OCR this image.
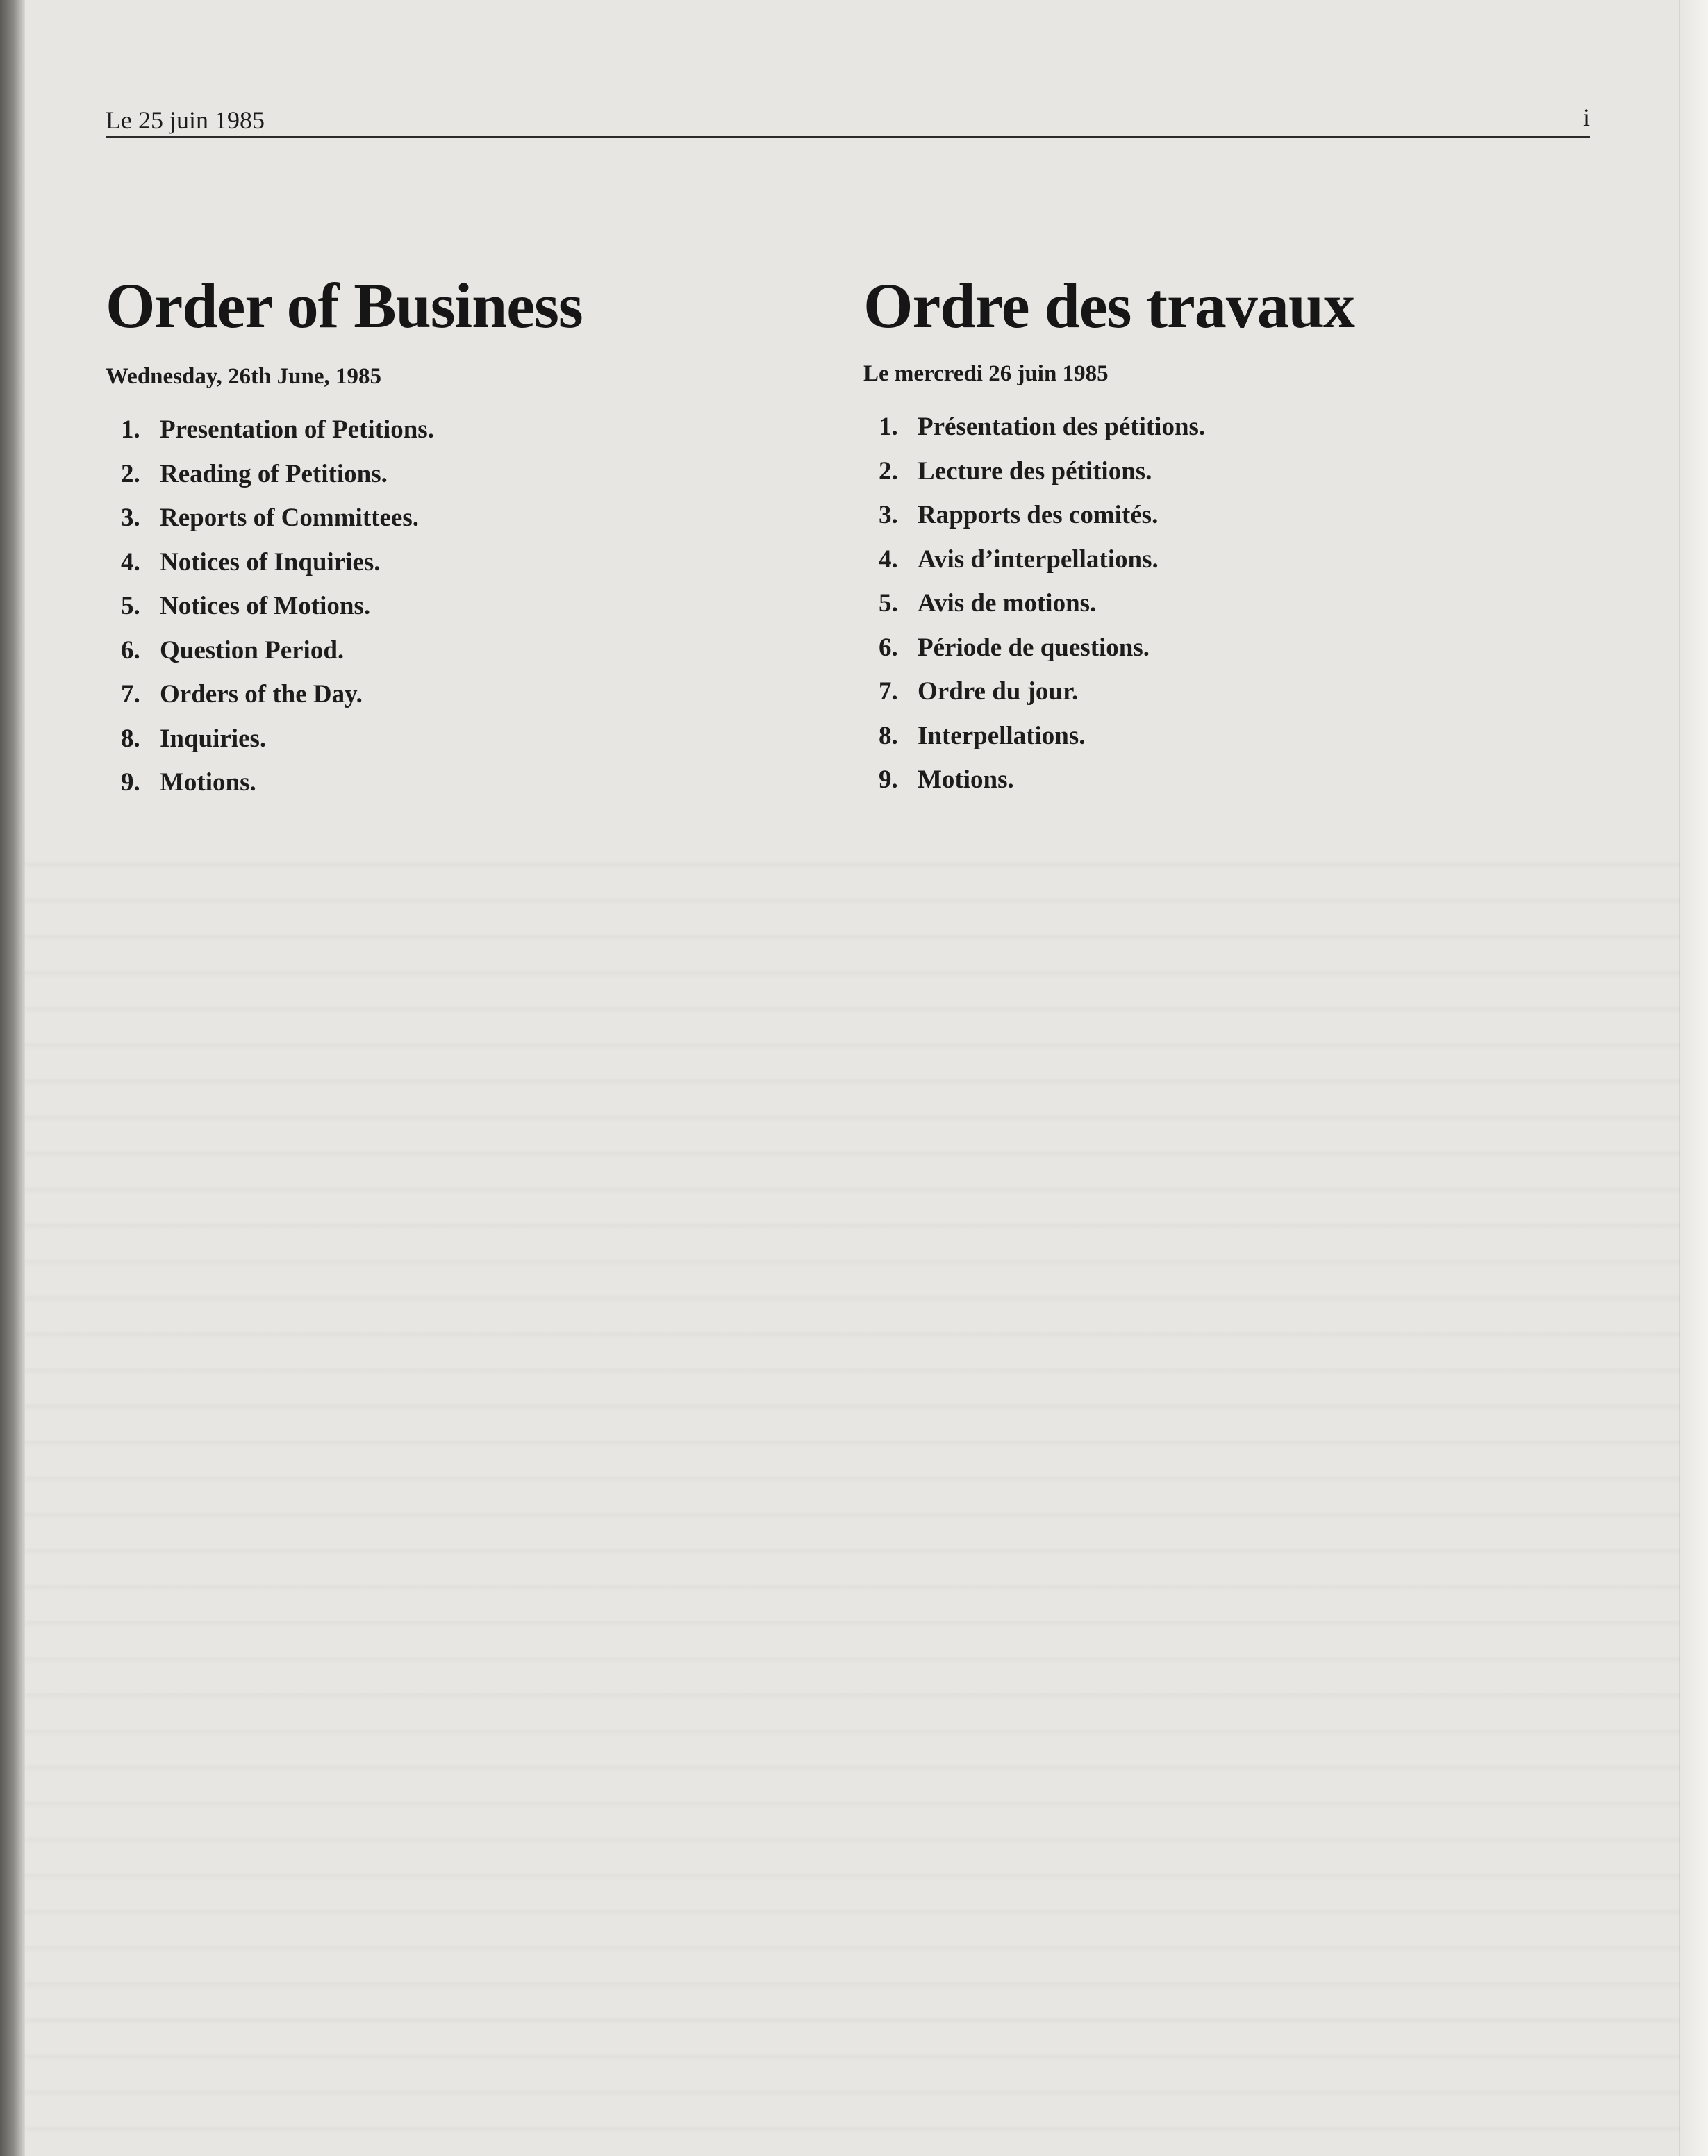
Le 25 juin 1985	i
Order of Business
Wednesday, 26th June, 1985
1. Presentation of Petitions.
2. Reading of Petitions.
3. Reports of Committees.
4. Notices of Inquiries.
5. Notices of Motions.
6. Question Period.
7. Orders of the Day.
8. Inquiries.
9. Motions.
Ordre des travaux
Le mercredi 26 juin 1985
1. Présentation des pétitions.
2. Lecture des pétitions.
3. Rapports des comités.
4. Avis d’interpellations.
5. Avis de motions.
6. Période de questions.
7. Ordre du jour.
8. Interpellations.
9. Motions.
